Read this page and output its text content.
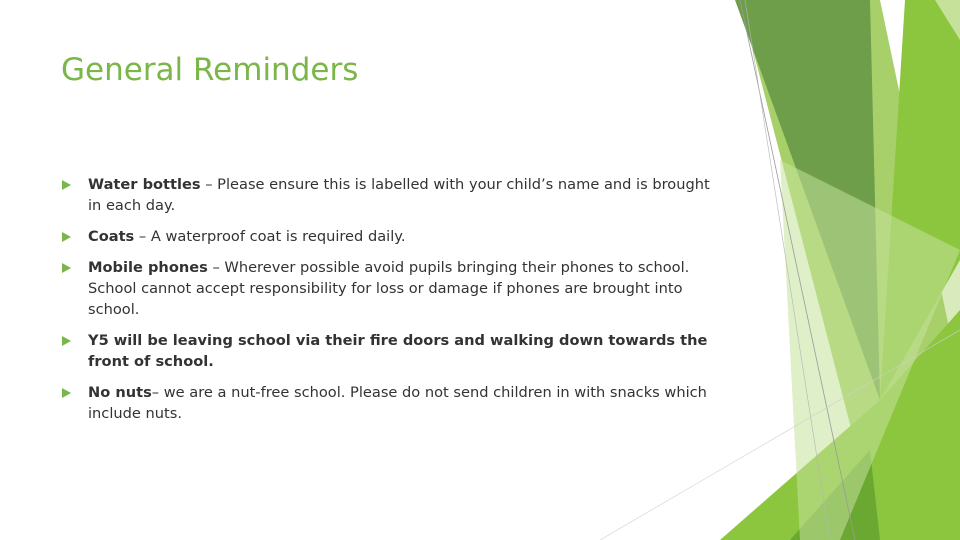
General Reminders
Water bottles – Please ensure this is labelled with your child’s name and is brought in each day.
Coats – A waterproof coat is required daily.
Mobile phones – Wherever possible avoid pupils bringing their phones to school. School cannot accept responsibility for loss or damage if phones are brought into school.
Y5 will be leaving school via their fire doors and walking down towards the front of school.
No nuts– we are a nut-free school. Please do not send children in with snacks which include nuts.
